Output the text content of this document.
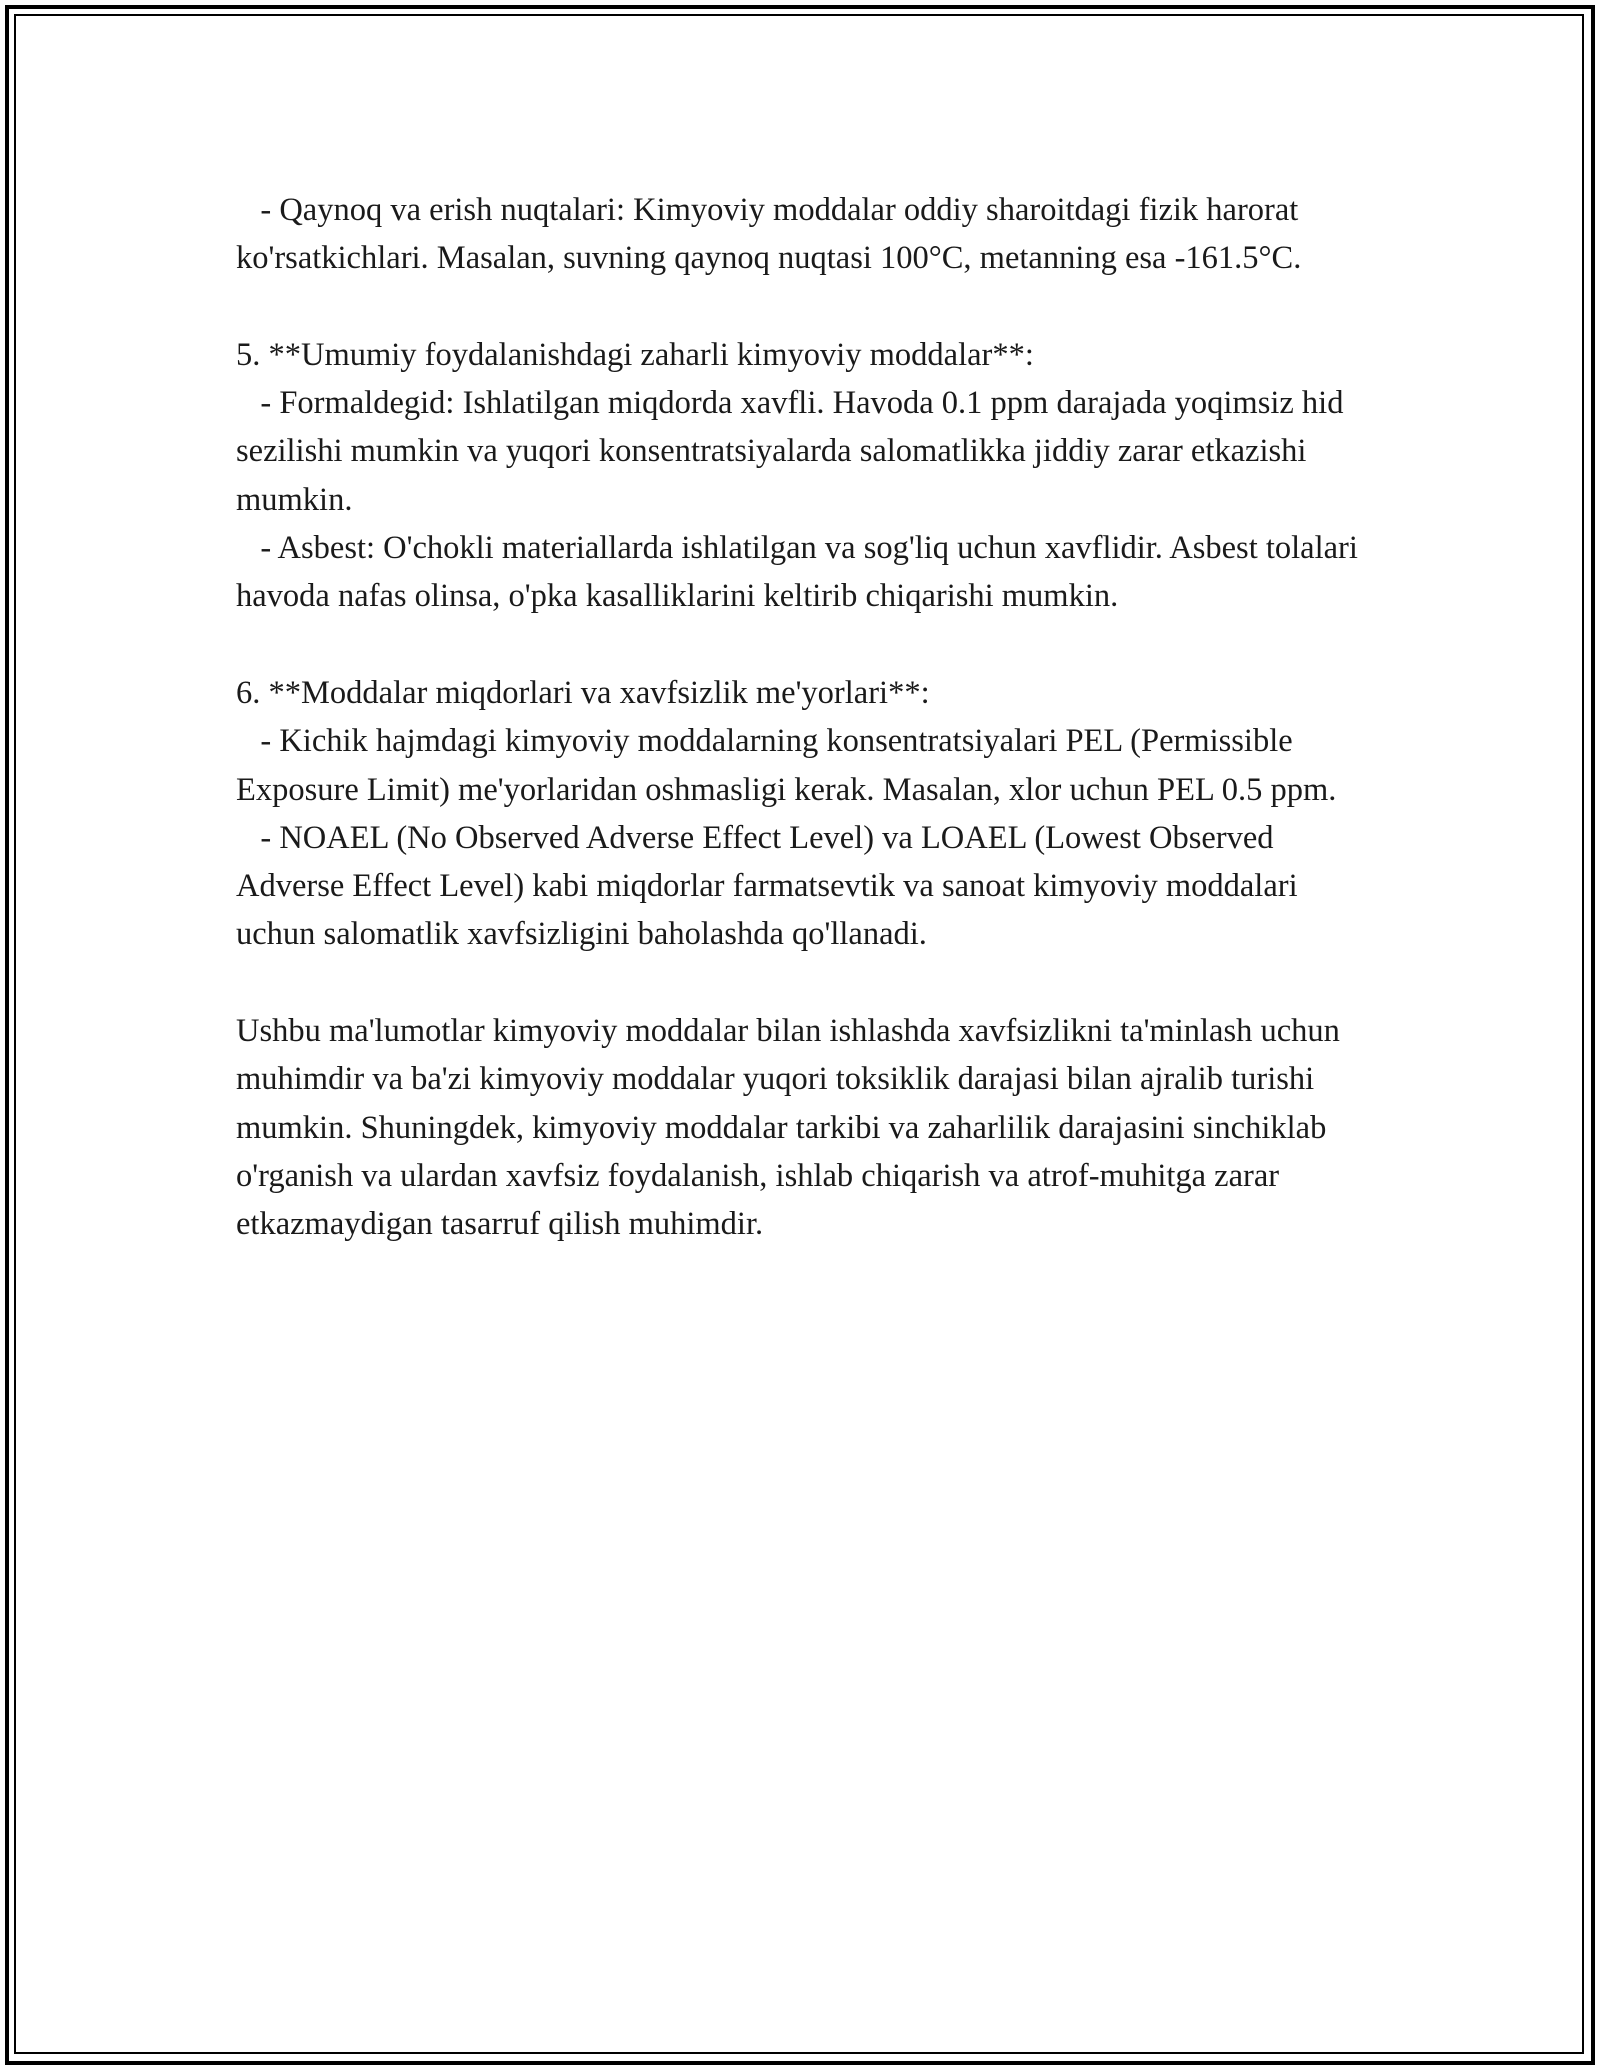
- Qaynoq va erish nuqtalari: Kimyoviy moddalar oddiy sharoitdagi fizik harorat ko'rsatkichlari. Masalan, suvning qaynoq nuqtasi 100°C, metanning esa -161.5°C.

5. **Umumiy foydalanishdagi zaharli kimyoviy moddalar**:

- Formaldegid: Ishlatilgan miqdorda xavfli. Havoda 0.1 ppm darajada yoqimsiz hid sezilishi mumkin va yuqori konsentratsiyalarda salomatlikka jiddiy zarar etkazishi mumkin.

- Asbest: O'chokli materiallarda ishlatilgan va sog'liq uchun xavflidir. Asbest tolalari havoda nafas olinsa, o'pka kasalliklarini keltirib chiqarishi mumkin.

6. **Moddalar miqdorlari va xavfsizlik me'yorlari**:

- Kichik hajmdagi kimyoviy moddalarning konsentratsiyalari PEL (Permissible Exposure Limit) me'yorlaridan oshmasligi kerak. Masalan, xlor uchun PEL 0.5 ppm.

- NOAEL (No Observed Adverse Effect Level) va LOAEL (Lowest Observed Adverse Effect Level) kabi miqdorlar farmatsevtik va sanoat kimyoviy moddalari uchun salomatlik xavfsizligini baholashda qo'llanadi.

Ushbu ma'lumotlar kimyoviy moddalar bilan ishlashda xavfsizlikni ta'minlash uchun muhimdir va ba'zi kimyoviy moddalar yuqori toksiklik darajasi bilan ajralib turishi mumkin. Shuningdek, kimyoviy moddalar tarkibi va zaharlilik darajasini sinchiklab o'rganish va ulardan xavfsiz foydalanish, ishlab chiqarish va atrof-muhitga zarar etkazmaydigan tasarruf qilish muhimdir.
